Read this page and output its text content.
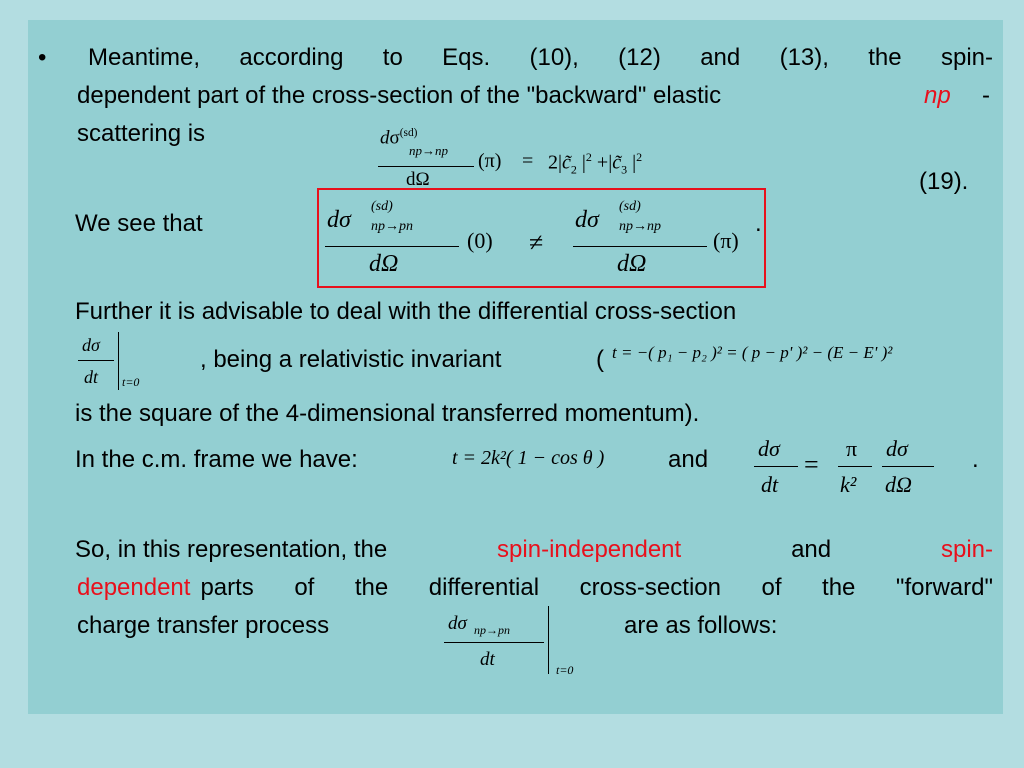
• Meantime, according to Eqs. (10), (12) and (13), the spin-
dependent part of the cross-section of the "backward" elastic	np -
scattering is
(19).
$d\sigma^{(sd)}$
np→np
dΩ
$(\pi) = 2|c̃_2$ $|^2$ $+|c̃_3$ $|^2$
We see that	dσ
(sd)
np→pn
dΩ
(0) ≠
dσ
(sd)
np→np
dΩ
(π)
.
Further it is advisable to deal with the differential cross-section
dσ
dt t=0
, being a relativistic invariant	( t = −( p₁ − p₂ )² = ( p − p' )² − (E − E' )²
is the square of the 4-dimensional transferred momentum).
In the c.m. frame we have:	t = 2k²( 1 − cos θ )	and dσ
dt
=
π
k²
dσ
dΩ
.
So, in this representation, the	spin-independent	and	spin-
dependent parts of the differential cross-section of the "forward"
charge transfer process	dσ np→pn
dt	t=0
are as follows:
